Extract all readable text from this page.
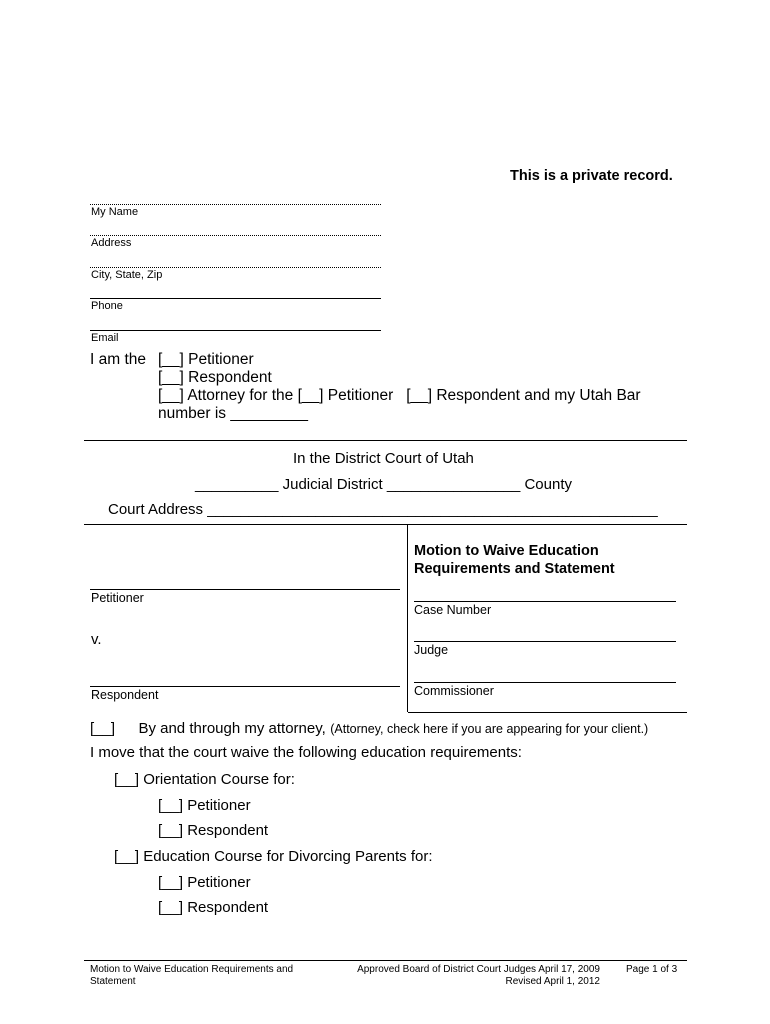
This is a private record.
My Name
Address
City, State, Zip
Phone
Email
I am the [__] Petitioner
[__] Respondent
[__] Attorney for the [__] Petitioner [__] Respondent and my Utah Bar
number is _________
In the District Court of Utah
__________ Judicial District ________________ County
Court Address ______________________________________________________
Petitioner
v.
Respondent
Motion to Waive Education
Requirements and Statement
Case Number
Judge
Commissioner
[__] By and through my attorney, (Attorney, check here if you are appearing for your client.)
I move that the court waive the following education requirements:
[__] Orientation Course for:
[__] Petitioner
[__] Respondent
[__] Education Course for Divorcing Parents for:
[__] Petitioner
[__] Respondent
Motion to Waive Education Requirements and
Statement
Approved Board of District Court Judges April 17, 2009
Revised April 1, 2012
Page 1 of 3
